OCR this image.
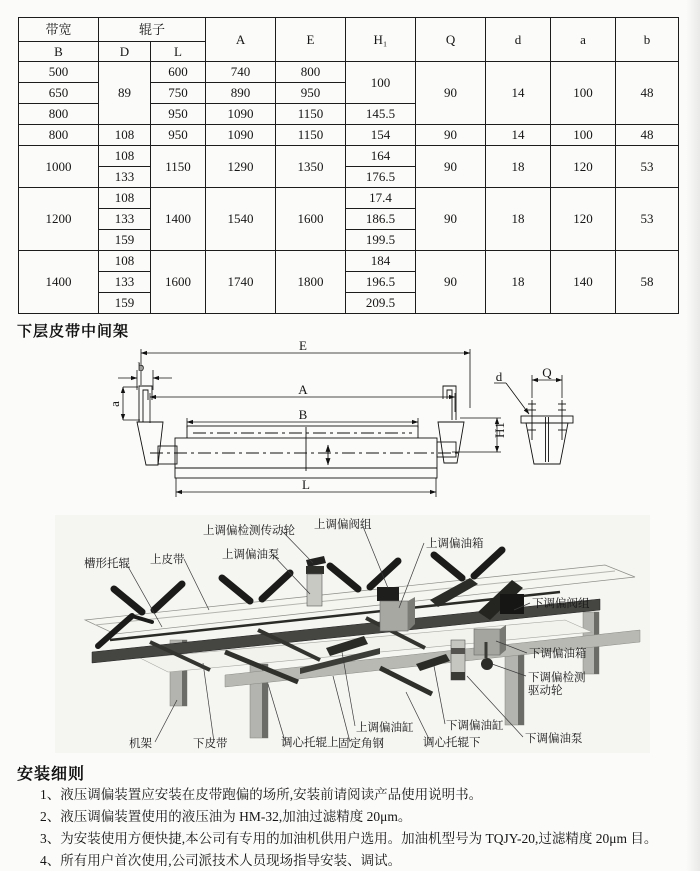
带宽	辊子		A	E	H₁	Q	d	a	b
B	D	L							
500	89	600	740	800	100	90	14	100	48
650		750	890	950					
800		950	1090	1150	145.5				
800	108	950	1090	1150	154	90	14	100	48
1000	108	1150	1290	1350	164	90	18	120	53
	133				176.5				
1200	108	1400	1540	1600	17.4	90	18	120	53
	133				186.5				
	159				199.5				
1400	108	1600	1740	1800	184	90	18	140	58
	133				196.5				
	159				209.5				
下层皮带中间架
E
A
B
L
b
a
H1
Q
d
槽形托辊 上皮带	上调偏油泵
上调偏检测传动轮 上调偏阀组
上调偏油箱
下调偏阀组
下调偏油箱
下调偏检测
驱动轮
机架	下皮带	调心托辊上 固定角钢
上调偏油缸
调心托辊下
下调偏油缸
下调偏油泵
安装细则
1、液压调偏装置应安装在皮带跑偏的场所,安装前请阅读产品使用说明书。
2、液压调偏装置使用的液压油为 HM-32,加油过滤精度 20μm。
3、为安装使用方便快捷,本公司有专用的加油机供用户选用。加油机型号为 TQJY-20,过滤精度 20μm 目。
4、所有用户首次使用,公司派技术人员现场指导安装、调试。
